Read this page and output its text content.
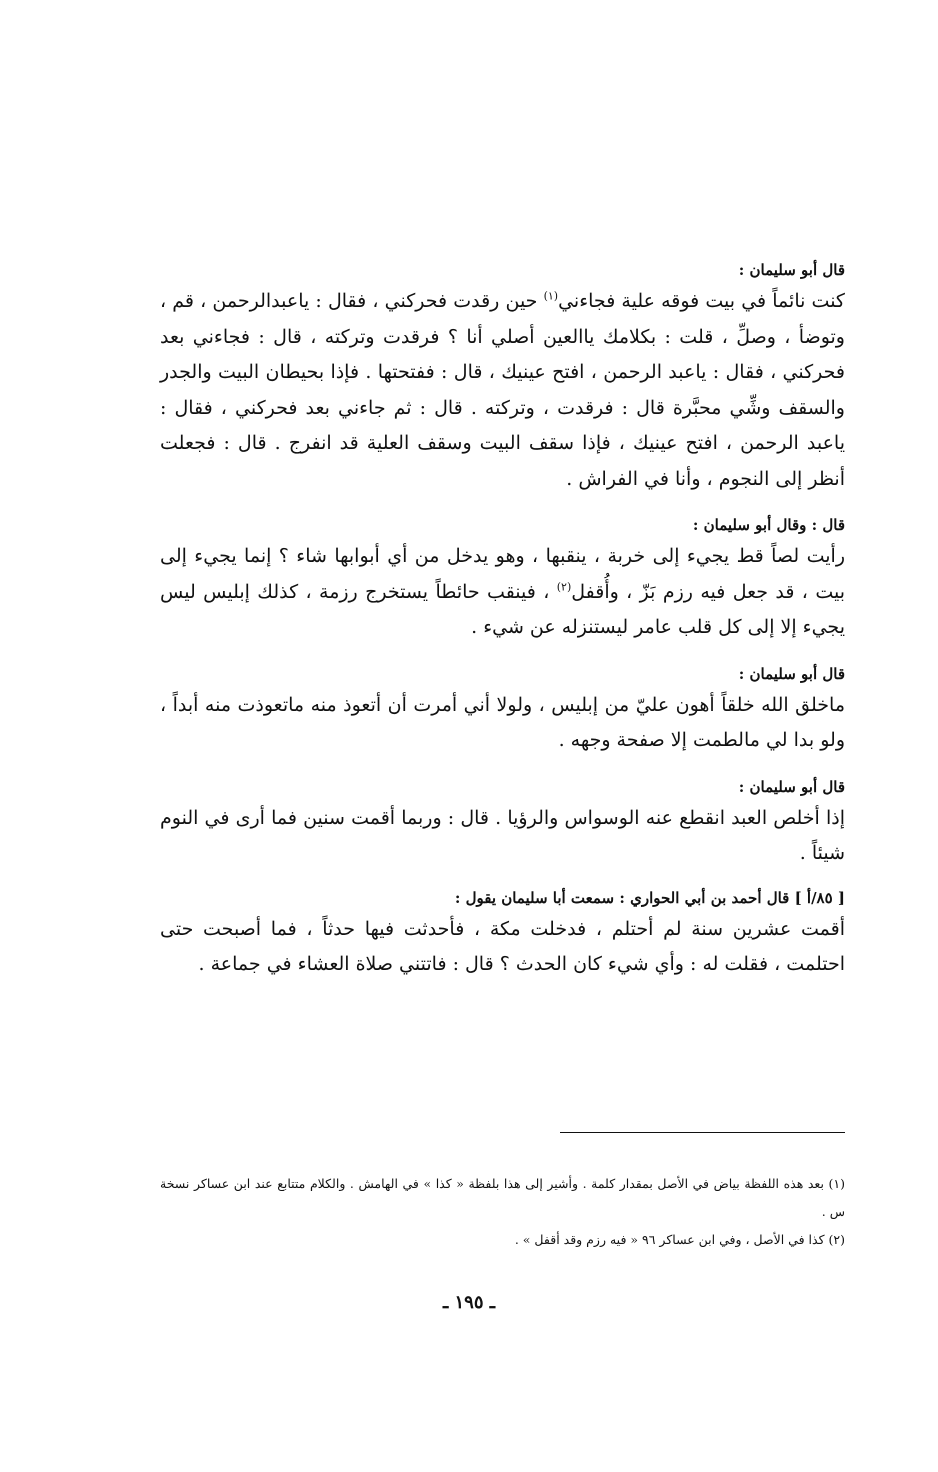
قال أبو سليمان :

كنت نائماً في بيت فوقه علية فجاءني$^{(١)}$ حين رقدت فحركني ، فقال : ياعبدالرحمن ، قم ، وتوضأ ، وصلِّ ، قلت : بكلامك ياالعين أصلي أنا ؟ فرقدت وتركته ، قال : فجاءني بعد فحركني ، فقال : ياعبد الرحمن ، افتح عينيك ، قال : ففتحتها . فإذا بحيطان البيت والجدر والسقف وشِّي محبَّرة قال : فرقدت ، وتركته . قال : ثم جاءني بعد فحركني ، فقال : ياعبد الرحمن ، افتح عينيك ، فإذا سقف البيت وسقف العلية قد انفرج . قال : فجعلت أنظر إلى النجوم ، وأنا في الفراش .

قال : وقال أبو سليمان :

رأيت لصاً قط يجيء إلى خربة ، ينقبها ، وهو يدخل من أي أبوابها شاء ؟ إنما يجيء إلى بيت ، قد جعل فيه رزم بَزّ ، وأُقفل$^{(٢)}$ ، فينقب حائطاً يستخرج رزمة ، كذلك إبليس ليس يجيء إلا إلى كل قلب عامر ليستنزله عن شيء .

قال أبو سليمان :

ماخلق الله خلقاً أهون عليّ من إبليس ، ولولا أني أمرت أن أتعوذ منه ماتعوذت منه أبداً ، ولو بدا لي مالطمت إلا صفحة وجهه .

قال أبو سليمان :

إذا أخلص العبد انقطع عنه الوسواس والرؤيا . قال : وربما أقمت سنين فما أرى في النوم شيئاً .

[ ٨٥/أ ] قال أحمد بن أبي الحواري : سمعت أبا سليمان يقول :

أقمت عشرين سنة لم أحتلم ، فدخلت مكة ، فأحدثت فيها حدثاً ، فما أصبحت حتى احتلمت ، فقلت له : وأي شيء كان الحدث ؟ قال : فاتتني صلاة العشاء في جماعة .

(١) بعد هذه اللفظة بياض في الأصل بمقدار كلمة . وأشير إلى هذا بلفظة « كذا » في الهامش . والكلام متتابع عند ابن عساكر نسخة س .

(٢) كذا في الأصل ، وفي ابن عساكر ٩٦ « فيه رزم وقد أقفل » .

ـ ١٩٥ ـ
